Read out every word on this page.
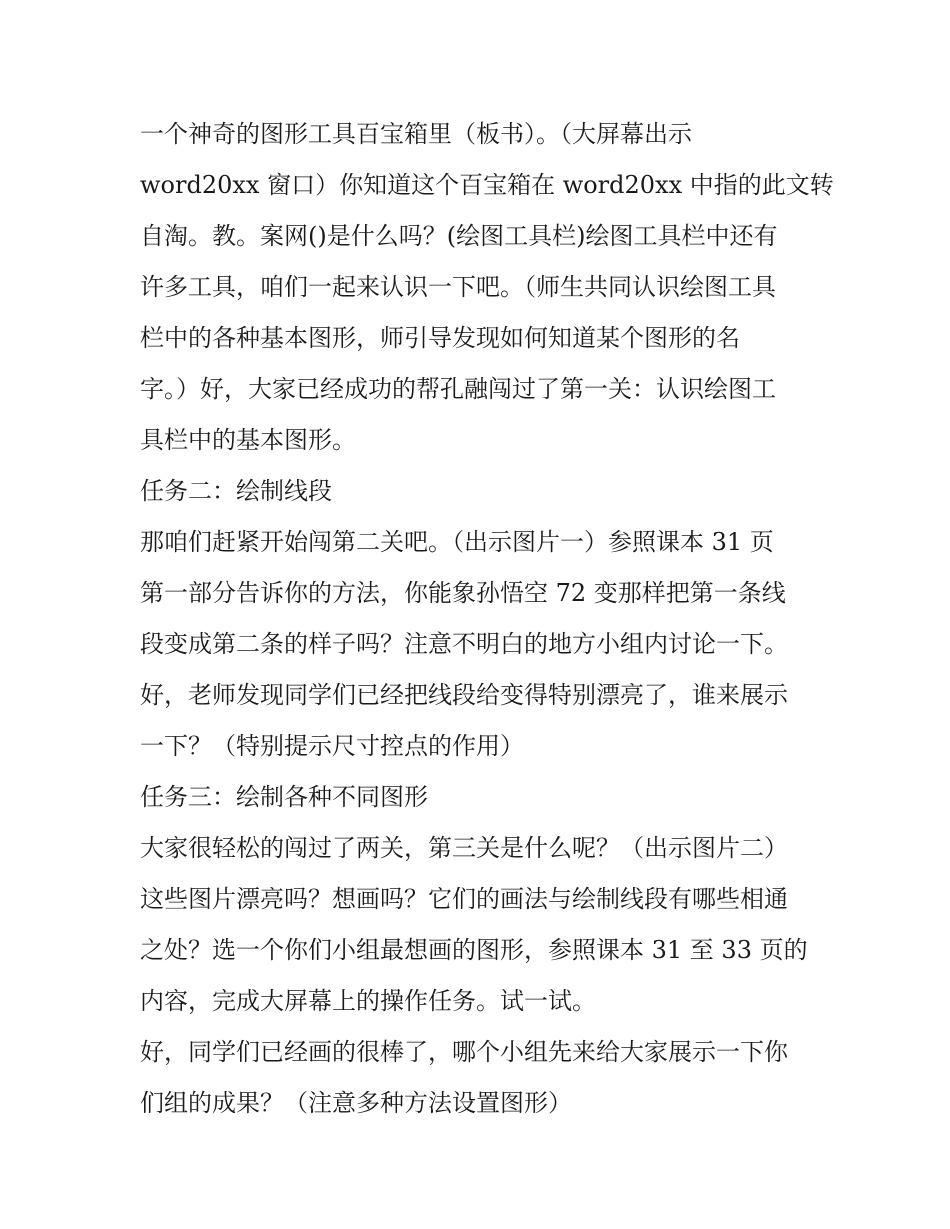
一个神奇的图形工具百宝箱里（板书）。（大屏幕出示
word20xx 窗口）你知道这个百宝箱在 word20xx 中指的此文转
自淘。教。案网()是什么吗？(绘图工具栏)绘图工具栏中还有
许多工具，咱们一起来认识一下吧。（师生共同认识绘图工具
栏中的各种基本图形，师引导发现如何知道某个图形的名
字。）好，大家已经成功的帮孔融闯过了第一关：认识绘图工
具栏中的基本图形。
任务二：绘制线段
那咱们赶紧开始闯第二关吧。（出示图片一）参照课本 31 页
第一部分告诉你的方法，你能象孙悟空 72 变那样把第一条线
段变成第二条的样子吗？注意不明白的地方小组内讨论一下。
好，老师发现同学们已经把线段给变得特别漂亮了，谁来展示
一下？（特别提示尺寸控点的作用）
任务三：绘制各种不同图形
大家很轻松的闯过了两关，第三关是什么呢？（出示图片二）
这些图片漂亮吗？想画吗？它们的画法与绘制线段有哪些相通
之处？选一个你们小组最想画的图形，参照课本 31 至 33 页的
内容，完成大屏幕上的操作任务。试一试。
好，同学们已经画的很棒了，哪个小组先来给大家展示一下你
们组的成果？（注意多种方法设置图形）
